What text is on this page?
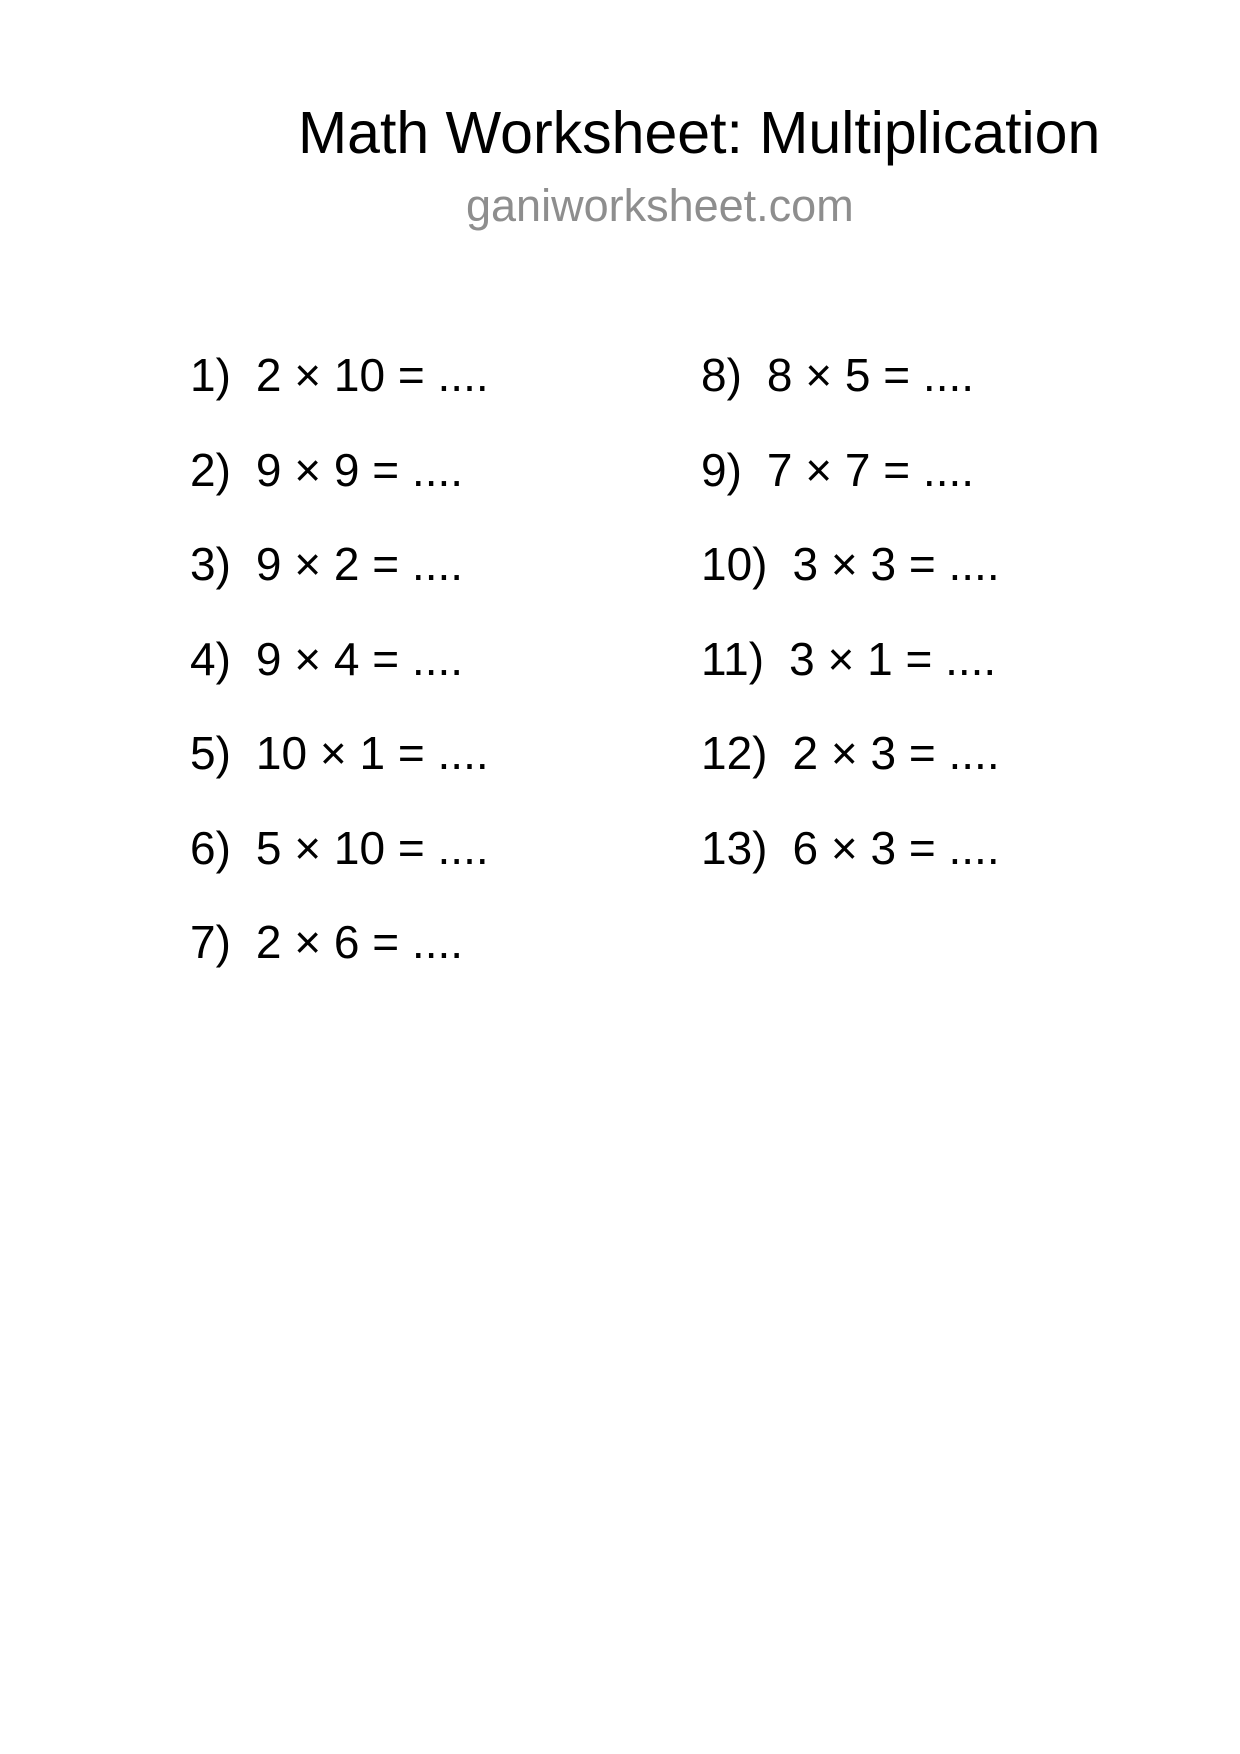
Math Worksheet: Multiplication
ganiworksheet.com
1) 2 × 10 = ....
2) 9 × 9 = ....
3) 9 × 2 = ....
4) 9 × 4 = ....
5) 10 × 1 = ....
6) 5 × 10 = ....
7) 2 × 6 = ....
8) 8 × 5 = ....
9) 7 × 7 = ....
10) 3 × 3 = ....
11) 3 × 1 = ....
12) 2 × 3 = ....
13) 6 × 3 = ....
